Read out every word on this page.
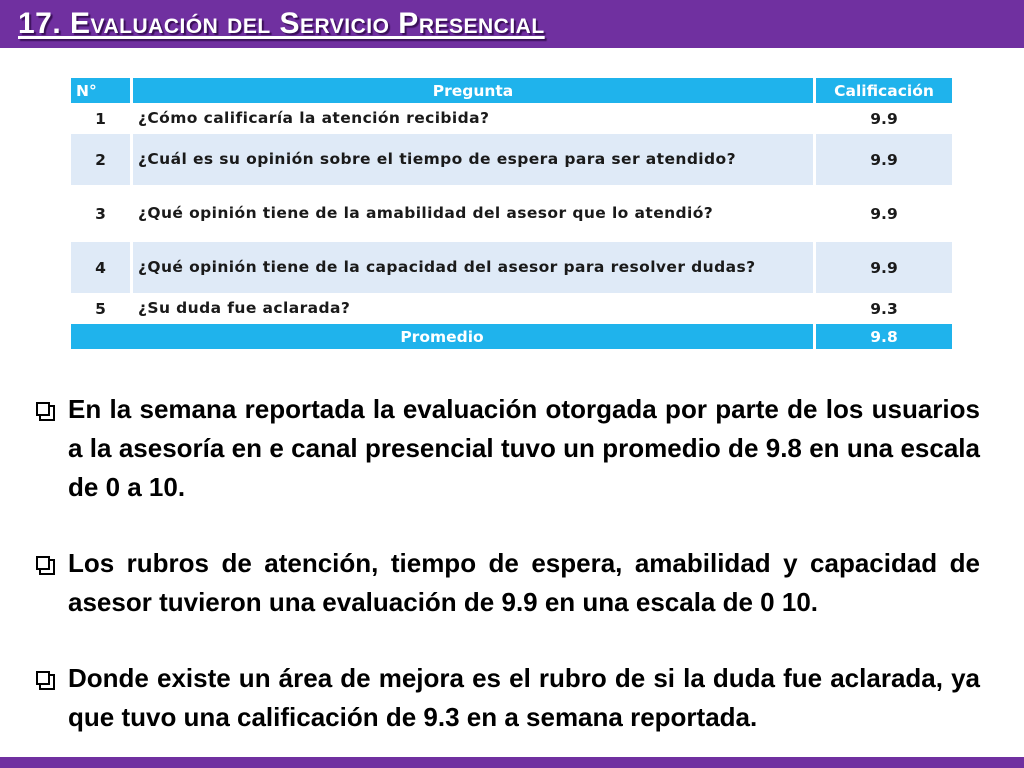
17. Evaluación del Servicio Presencial
N°	Pregunta	Calificación
1	¿Cómo calificaría la atención recibida?	9.9
2	¿Cuál es su opinión sobre el tiempo de espera para ser atendido?	9.9
3	¿Qué opinión tiene de la amabilidad del asesor que lo atendió?	9.9
4	¿Qué opinión tiene de la capacidad del asesor para resolver dudas?	9.9
5	¿Su duda fue aclarada?	9.3
Promedio		9.8
En la semana reportada la evaluación otorgada por parte de los usuarios a la asesoría en e canal presencial tuvo un promedio de 9.8 en una escala de 0 a 10.
Los rubros de atención, tiempo de espera, amabilidad y capacidad de asesor tuvieron una evaluación de 9.9 en una escala de 0 10.
Donde existe un área de mejora es el rubro de si la duda fue aclarada, ya que tuvo una calificación de 9.3 en a semana reportada.
